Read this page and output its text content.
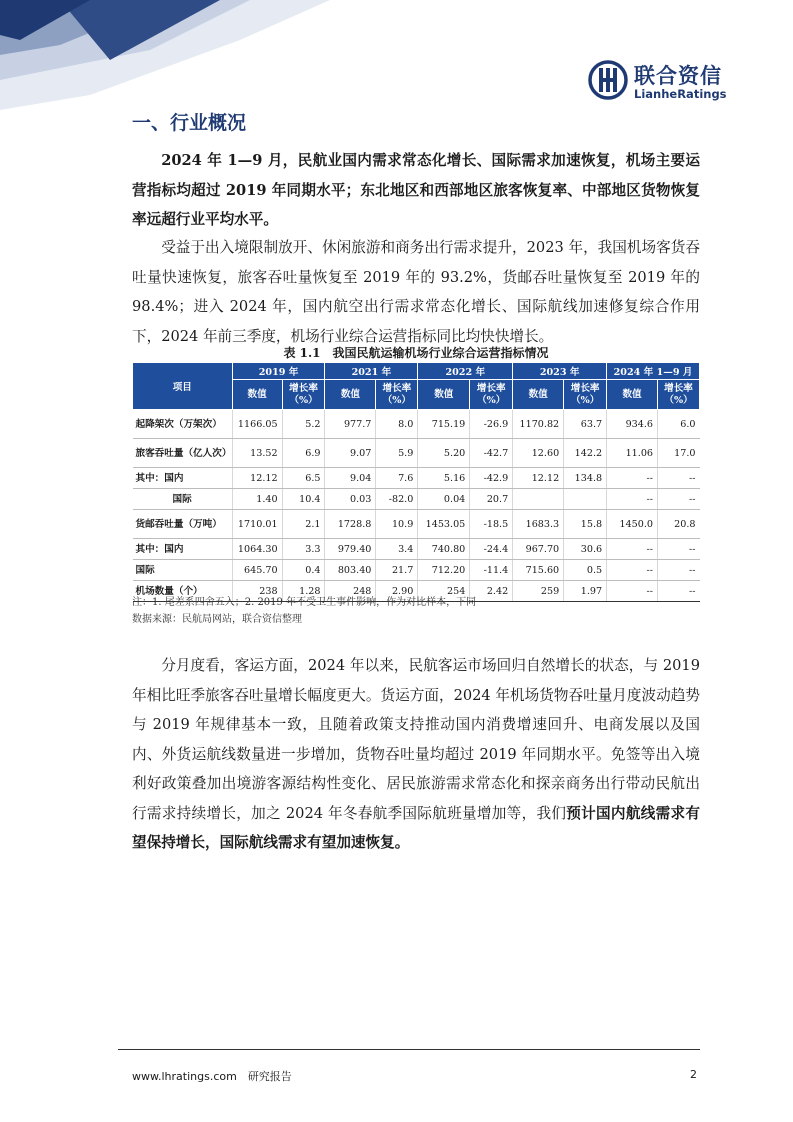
联合资信
LianheRatings
一、行业概况
2024 年 1—9 月，民航业国内需求常态化增长、国际需求加速恢复，机场主要运营指标均超过 2019 年同期水平；东北地区和西部地区旅客恢复率、中部地区货物恢复率远超行业平均水平。
受益于出入境限制放开、休闲旅游和商务出行需求提升，2023 年，我国机场客货吞吐量快速恢复，旅客吞吐量恢复至 2019 年的 93.2%，货邮吞吐量恢复至 2019 年的 98.4%；进入 2024 年，国内航空出行需求常态化增长、国际航线加速修复综合作用下，2024 年前三季度，机场行业综合运营指标同比均快快增长。
表 1.1　我国民航运输机场行业综合运营指标情况
项目	2019 年		2021 年		2022 年		2023 年		2024 年 1—9 月	
	数值	增长率（%）	数值	增长率（%）	数值	增长率（%）	数值	增长率（%）	数值	增长率（%）
起降架次（万架次）	1166.05	5.2	977.7	8.0	715.19	-26.9	1170.82	63.7	934.6	6.0
旅客吞吐量（亿人次）	13.52	6.9	9.07	5.9	5.20	-42.7	12.60	142.2	11.06	17.0
其中：国内	12.12	6.5	9.04	7.6	5.16	-42.9	12.12	134.8	--	--
国际	1.40	10.4	0.03	-82.0	0.04	20.7			--	--
货邮吞吐量（万吨）	1710.01	2.1	1728.8	10.9	1453.05	-18.5	1683.3	15.8	1450.0	20.8
其中：国内	1064.30	3.3	979.40	3.4	740.80	-24.4	967.70	30.6	--	--
国际	645.70	0.4	803.40	21.7	712.20	-11.4	715.60	0.5	--	--
机场数量（个）	238	1.28	248	2.90	254	2.42	259	1.97	--	--
注：1. 尾差系四舍五入；2. 2019 年不受卫生事件影响，作为对比样本，下同
数据来源：民航局网站，联合资信整理
分月度看，客运方面，2024 年以来，民航客运市场回归自然增长的状态，与 2019 年相比旺季旅客吞吐量增长幅度更大。货运方面，2024 年机场货物吞吐量月度波动趋势与 2019 年规律基本一致，且随着政策支持推动国内消费增速回升、电商发展以及国内、外货运航线数量进一步增加，货物吞吐量均超过 2019 年同期水平。免签等出入境利好政策叠加出境游客源结构性变化、居民旅游需求常态化和探亲商务出行带动民航出行需求持续增长，加之 2024 年冬春航季国际航班量增加等，我们预计国内航线需求有望保持增长，国际航线需求有望加速恢复。
www.lhratings.com　 研究报告	2
